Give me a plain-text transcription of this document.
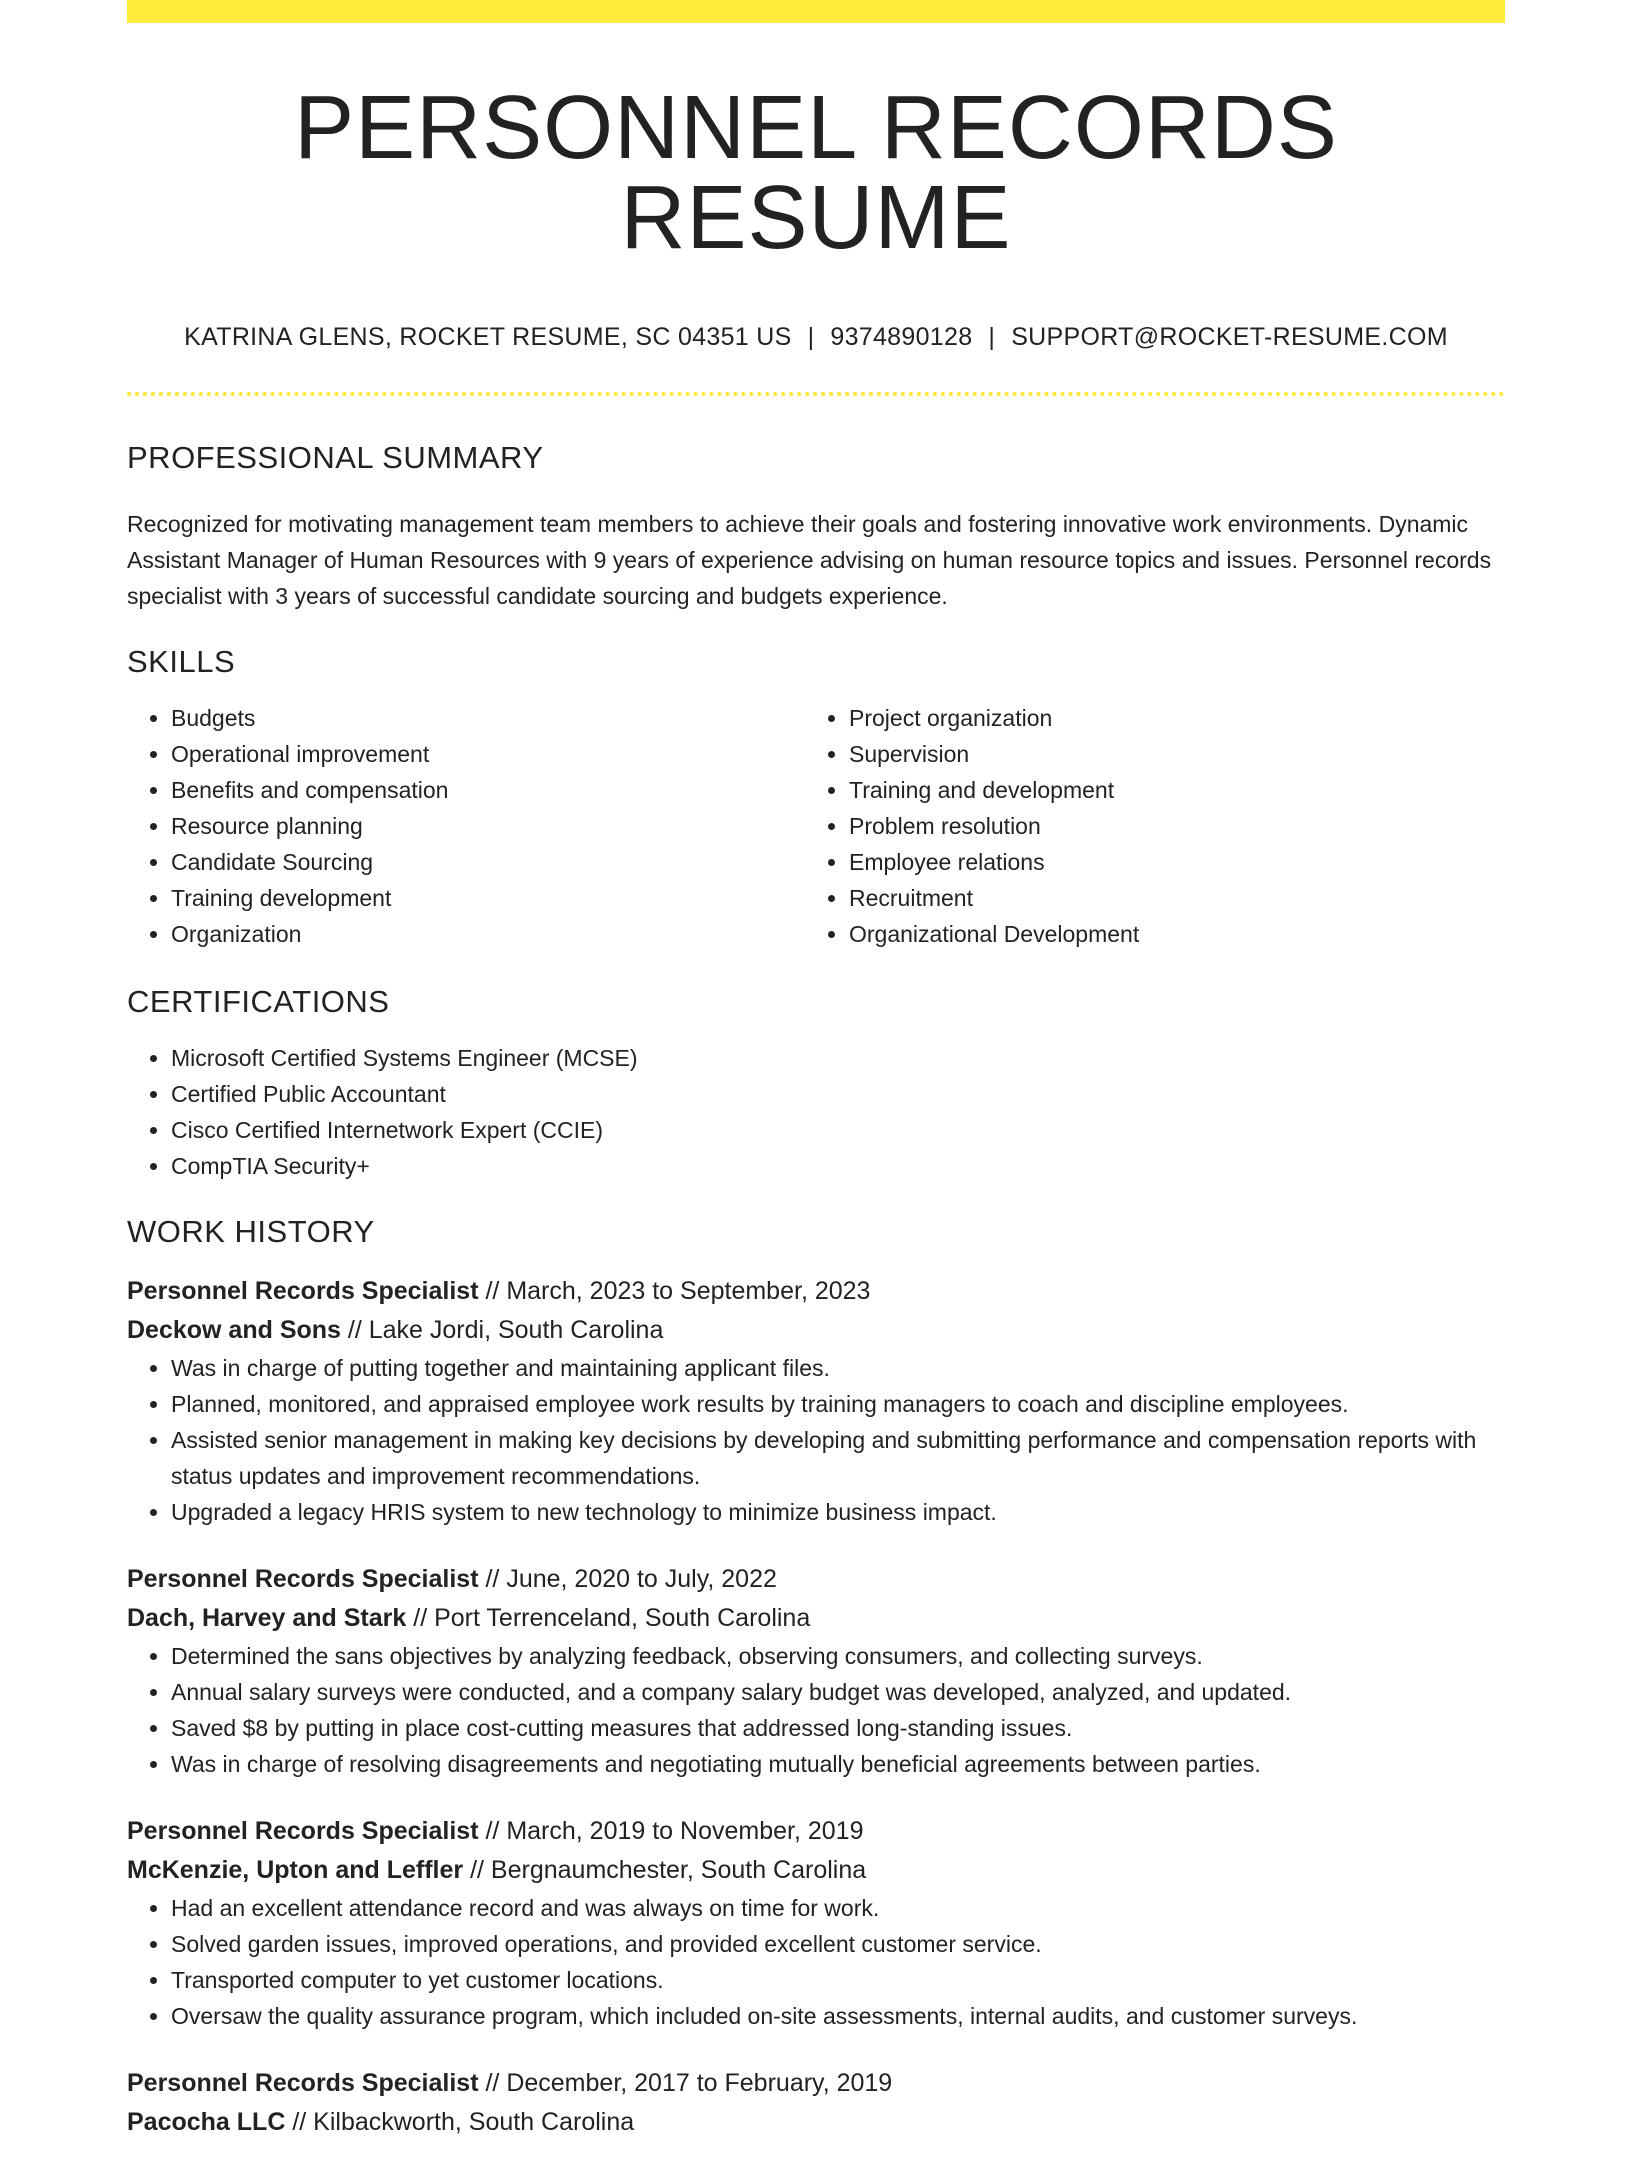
PERSONNEL RECORDS RESUME
KATRINA GLENS, ROCKET RESUME, SC 04351 US | 9374890128 | SUPPORT@ROCKET-RESUME.COM
PROFESSIONAL SUMMARY
Recognized for motivating management team members to achieve their goals and fostering innovative work environments. Dynamic Assistant Manager of Human Resources with 9 years of experience advising on human resource topics and issues. Personnel records specialist with 3 years of successful candidate sourcing and budgets experience.
SKILLS
• Budgets
• Operational improvement
• Benefits and compensation
• Resource planning
• Candidate Sourcing
• Training development
• Organization
• Project organization
• Supervision
• Training and development
• Problem resolution
• Employee relations
• Recruitment
• Organizational Development
CERTIFICATIONS
• Microsoft Certified Systems Engineer (MCSE)
• Certified Public Accountant
• Cisco Certified Internetwork Expert (CCIE)
• CompTIA Security+
WORK HISTORY
Personnel Records Specialist // March, 2023 to September, 2023
Deckow and Sons // Lake Jordi, South Carolina
• Was in charge of putting together and maintaining applicant files.
• Planned, monitored, and appraised employee work results by training managers to coach and discipline employees.
• Assisted senior management in making key decisions by developing and submitting performance and compensation reports with status updates and improvement recommendations.
• Upgraded a legacy HRIS system to new technology to minimize business impact.
Personnel Records Specialist // June, 2020 to July, 2022
Dach, Harvey and Stark // Port Terrenceland, South Carolina
• Determined the sans objectives by analyzing feedback, observing consumers, and collecting surveys.
• Annual salary surveys were conducted, and a company salary budget was developed, analyzed, and updated.
• Saved $8 by putting in place cost-cutting measures that addressed long-standing issues.
• Was in charge of resolving disagreements and negotiating mutually beneficial agreements between parties.
Personnel Records Specialist // March, 2019 to November, 2019
McKenzie, Upton and Leffler // Bergnaumchester, South Carolina
• Had an excellent attendance record and was always on time for work.
• Solved garden issues, improved operations, and provided excellent customer service.
• Transported computer to yet customer locations.
• Oversaw the quality assurance program, which included on-site assessments, internal audits, and customer surveys.
Personnel Records Specialist // December, 2017 to February, 2019
Pacocha LLC // Kilbackworth, South Carolina
